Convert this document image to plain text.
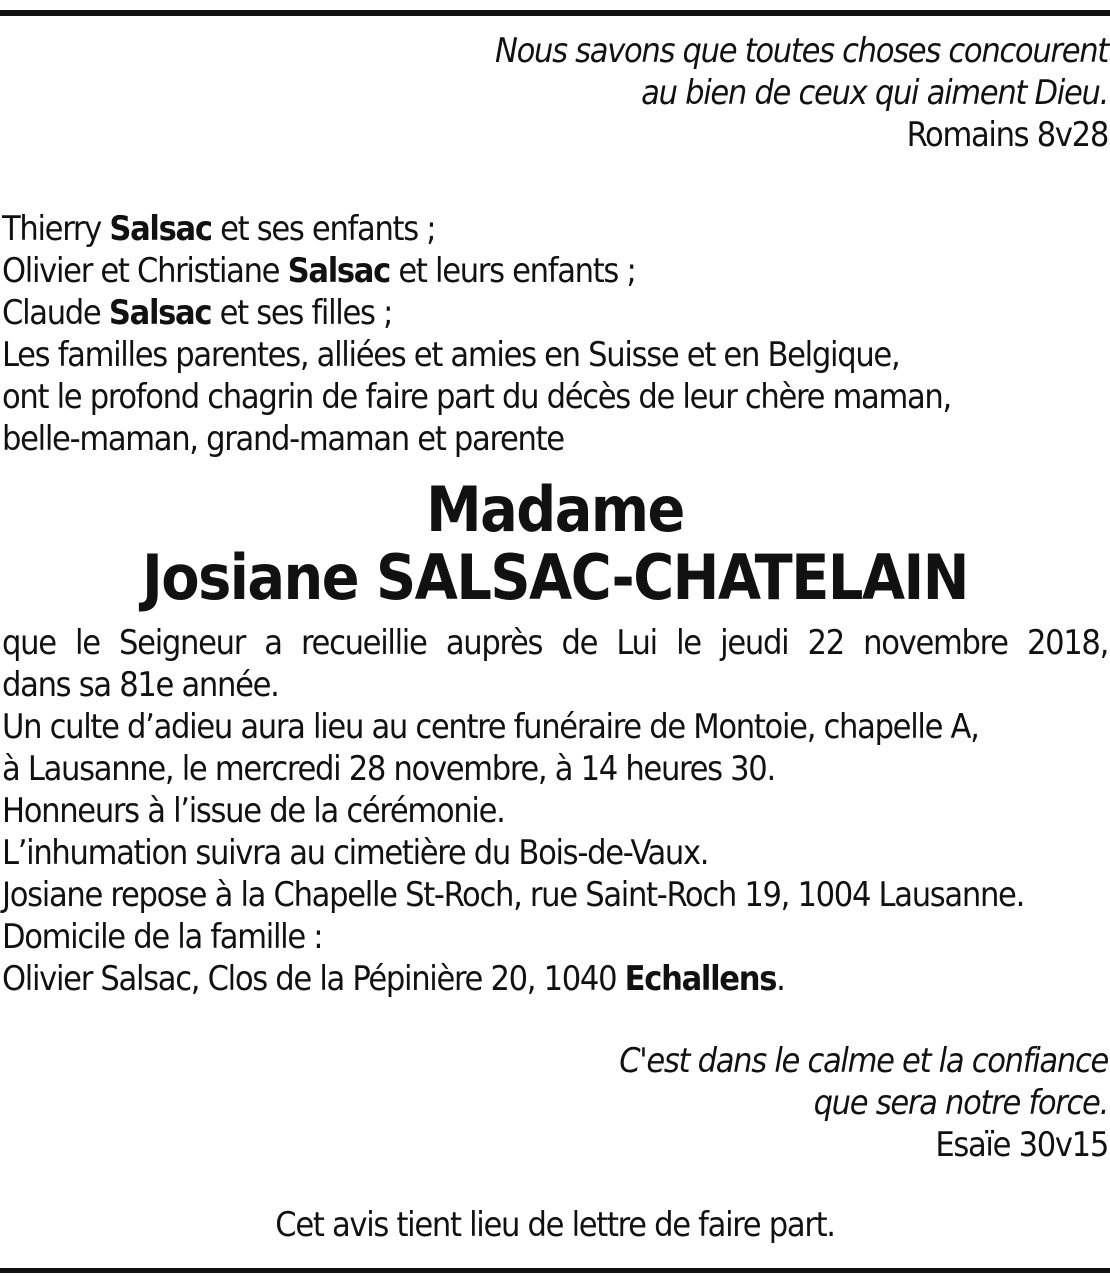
Nous savons que toutes choses concourent
au bien de ceux qui aiment Dieu.
Romains 8v28
Thierry Salsac et ses enfants ;
Olivier et Christiane Salsac et leurs enfants ;
Claude Salsac et ses filles ;
Les familles parentes, alliées et amies en Suisse et en Belgique,
ont le profond chagrin de faire part du décès de leur chère maman,
belle-maman, grand-maman et parente
Madame
Josiane SALSAC-CHATELAIN
que le Seigneur a recueillie auprès de Lui le jeudi 22 novembre 2018,
dans sa 81e année.
Un culte d’adieu aura lieu au centre funéraire de Montoie, chapelle A,
à Lausanne, le mercredi 28 novembre, à 14 heures 30.
Honneurs à l’issue de la cérémonie.
L’inhumation suivra au cimetière du Bois-de-Vaux.
Josiane repose à la Chapelle St-Roch, rue Saint-Roch 19, 1004 Lausanne.
Domicile de la famille :
Olivier Salsac, Clos de la Pépinière 20, 1040 Echallens.
C'est dans le calme et la confiance
que sera notre force.
Esaïe 30v15
Cet avis tient lieu de lettre de faire part.
